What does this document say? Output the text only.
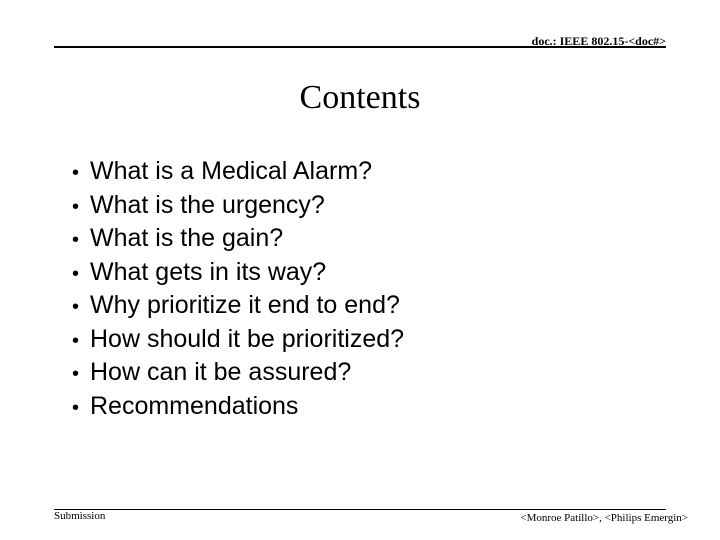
doc.: IEEE 802.15-<doc#>
Contents
• What is a Medical Alarm?
• What is the urgency?
• What is the gain?
• What gets in its way?
• Why prioritize it end to end?
• How should it be prioritized?
• How can it be assured?
• Recommendations
Submission	<Monroe Patillo>, <Philips Emergin>
